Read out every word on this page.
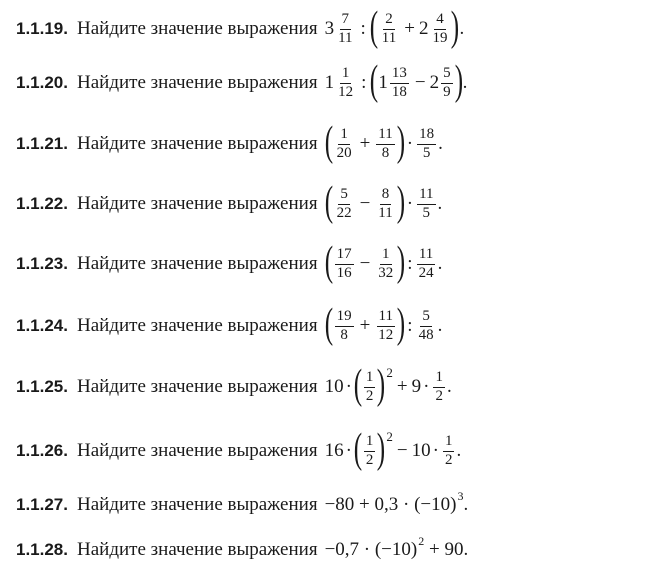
1.1.19. Найдите значение выражения $3 \frac{7}{11}$ : ( $\frac{2}{11} + 2 \frac{4}{19}$ ) .
1.1.20. Найдите значение выражения $1 \frac{1}{12}$ : ( $1 \frac{13}{18} - 2 \frac{5}{9}$ ) .
1.1.21. Найдите значение выражения ( $\frac{1}{20} + \frac{11}{8}$ ) · $\frac{18}{5}$ .
1.1.22. Найдите значение выражения ( $\frac{5}{22} - \frac{8}{11}$ ) · $\frac{11}{5}$ .
1.1.23. Найдите значение выражения ( $\frac{17}{16} - \frac{1}{32}$ ) : $\frac{11}{24}$ .
1.1.24. Найдите значение выражения ( $\frac{19}{8} + \frac{11}{12}$ ) : $\frac{5}{48}$ .
1.1.25. Найдите значение выражения 10 · ( $\frac{1}{2}$ ) 2
+ $9 \cdot \frac{1}{2}$ .
1.1.26. Найдите значение выражения 16 · ( $\frac{1}{2}$ ) 2
− $10 \cdot \frac{1}{2}$ .
1.1.27. Найдите значение выражения −80 + 0,3 · (−10) 3 .
1.1.28. Найдите значение выражения −0,7 · (−10) 2 + 90.
